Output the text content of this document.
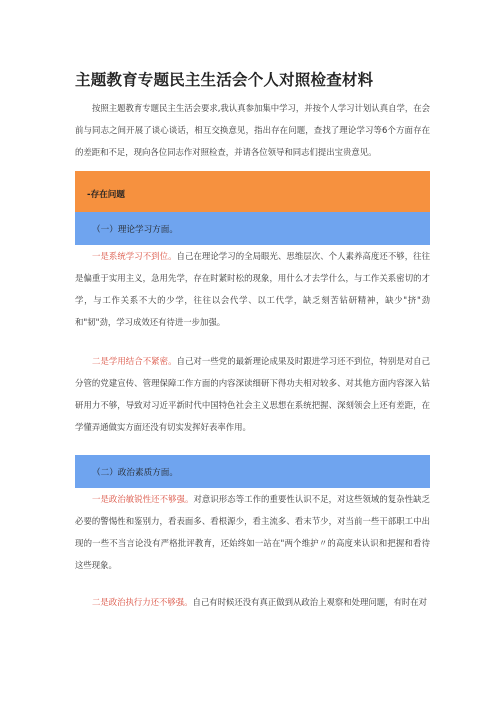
主题教育专题民主生活会个人对照检查材料

按照主题教育专题民主生活会要求,我认真参加集中学习，并按个人学习计划认真自学，在会前与同志之间开展了谈心谈话，相互交换意见，指出存在问题，查找了理论学习等6个方面存在的差距和不足，现向各位同志作对照检查，并请各位领导和同志们提出宝贵意见。

-存在问题
（一）理论学习方面。

一是系统学习不到位。自己在理论学习的全局眼光、思维层次、个人素养高度还不够，往往是偏重于实用主义，急用先学，存在时紧时松的现象，用什么才去学什么，与工作关系密切的才学，与工作关系不大的少学，往往以会代学、以工代学，缺乏刻苦钻研精神，缺少"挤"劲和"韧"劲，学习成效还有待进一步加强。

二是学用结合不紧密。自己对一些党的最新理论成果及时跟进学习还不到位，特别是对自己分管的党建宣传、管理保障工作方面的内容深读细研下得功夫相对较多、对其他方面内容深入钻研用力不够，导致对习近平新时代中国特色社会主义思想在系统把握、深刻领会上还有差距，在学懂弄通做实方面还没有切实发挥好表率作用。

（二）政治素质方面。

一是政治敏锐性还不够强。对意识形态等工作的重要性认识不足，对这些领域的复杂性缺乏必要的警惕性和鉴别力，看表面多、看根源少，看主流多、看末节少，对当前一些干部职工中出现的一些不当言论没有严格批评教育，还始终如一站在"两个维护〃的高度来认识和把握和看待这些现象。

二是政治执行力还不够强。自己有时候还没有真正做到从政治上观察和处理问题，有时在对
